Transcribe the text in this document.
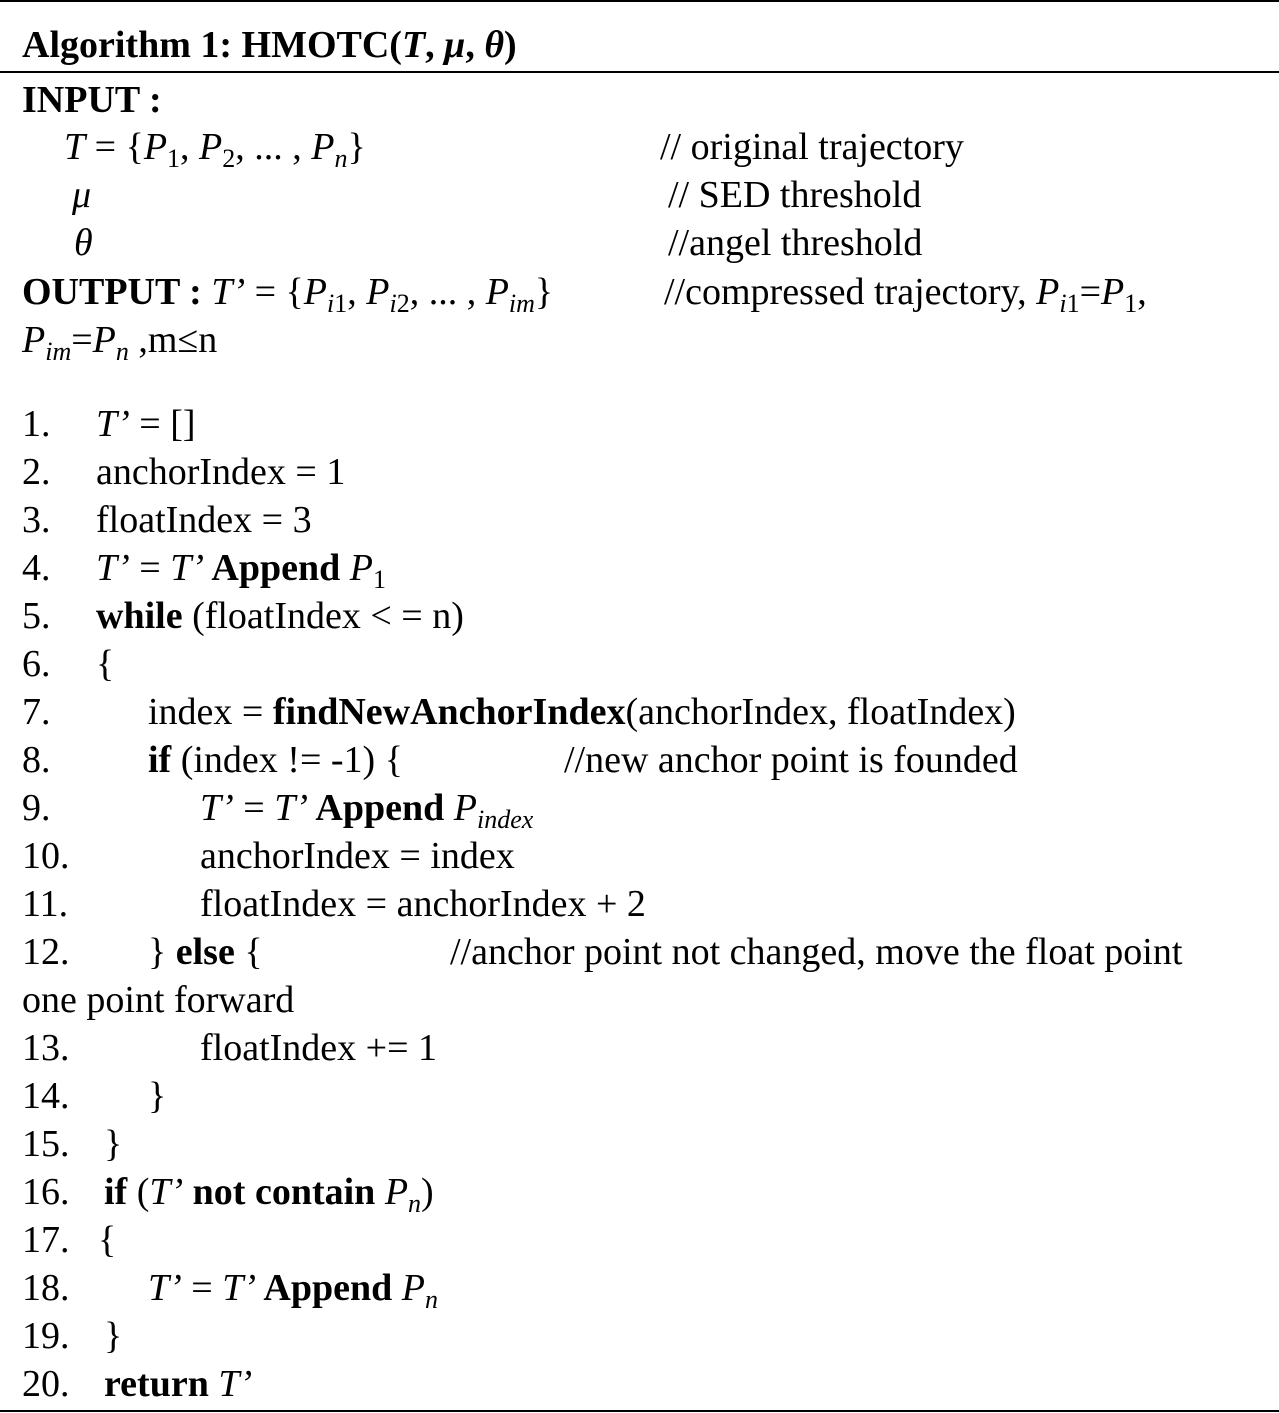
Algorithm 1: HMOTC(T, μ, θ)
INPUT :
$T = \{P_1$, $P_2$, ... , $P_n$}	// original trajectory
μ	// SED threshold
θ	//angel threshold
OUTPUT : T’ = {$P_{i1}$, $P_{i2}$, ... , $P_{im}$}	//compressed trajectory, $P_{i1}=P_1$,
$P_{im}=P_n$ ,m≤n
1. T’ = []
2. anchorIndex = 1
3. floatIndex = 3
4. T’ = T’ Append $P_1$
5. while (floatIndex < = n)
6. {
7.	index = findNewAnchorIndex(anchorIndex, floatIndex)
8.	if (index != -1) {	//new anchor point is founded
9.	T’ = T’ Append $P_{index}$
10.	anchorIndex = index
11.	floatIndex = anchorIndex + 2
12. } else {	//anchor point not changed, move the float point
one point forward
13.	floatIndex += 1
14. }
15. }
16. if (T’ not contain $P_n$)
17. {
18. T’ = T’ Append $P_n$
19. }
20. return T’
